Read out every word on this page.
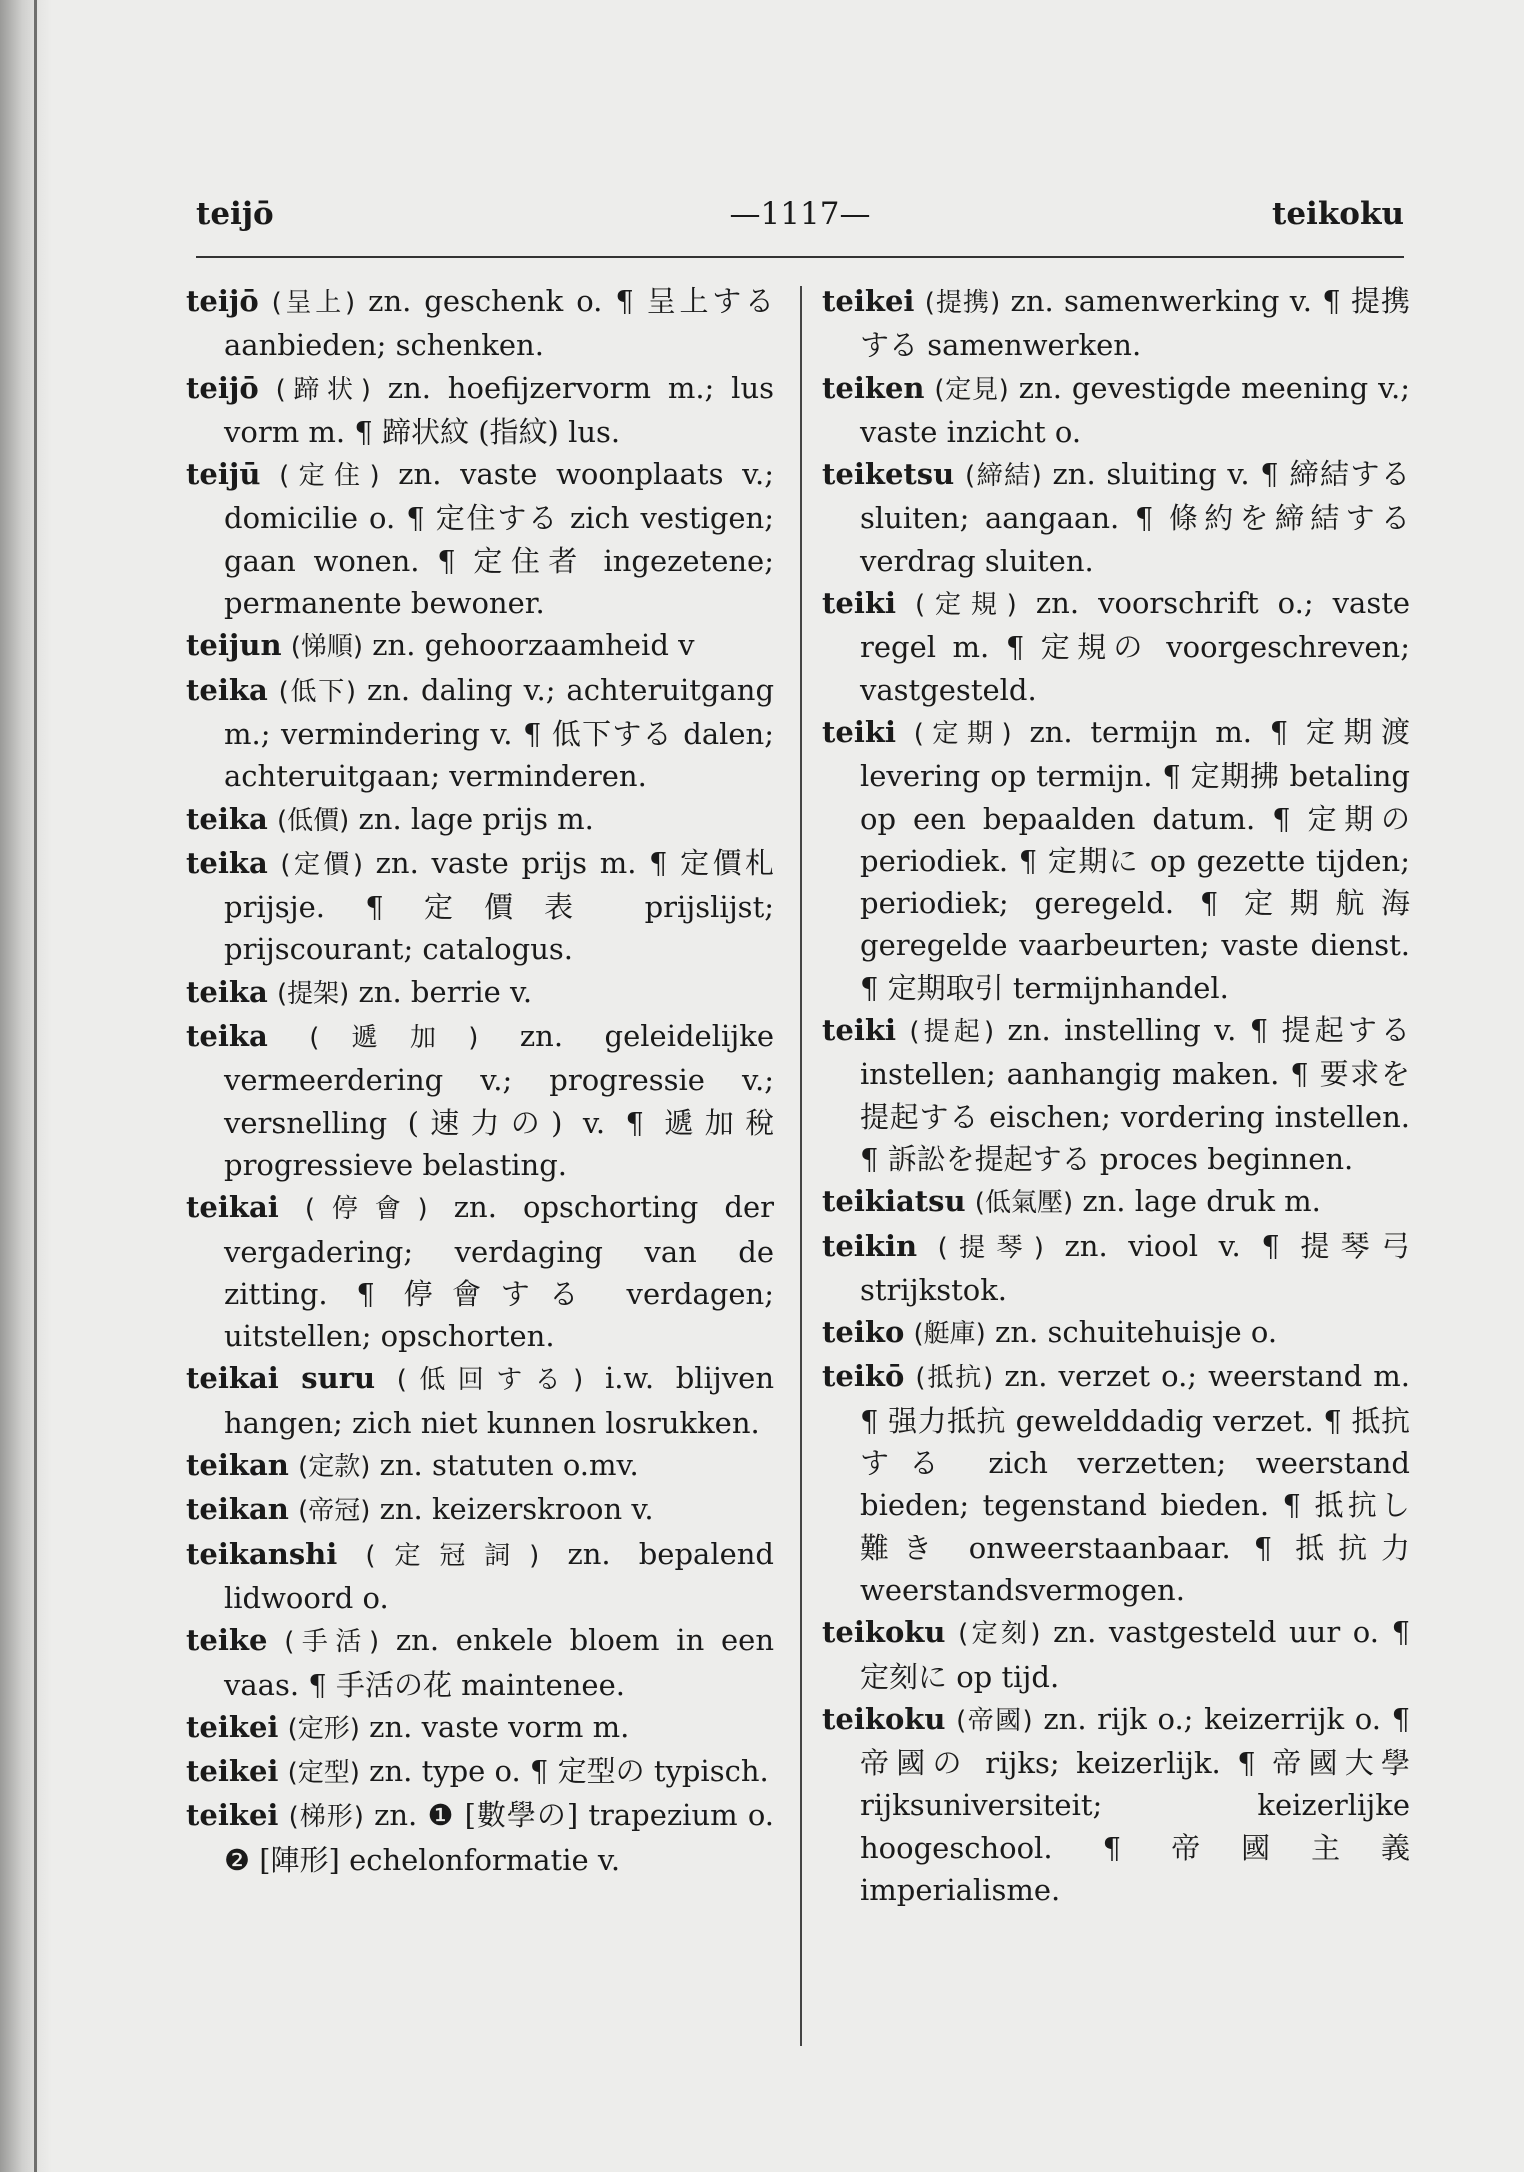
teijō	—1117—	teikoku

teijō (呈上) zn. geschenk o. ¶ 呈上する aanbieden; schenken.

teijō (蹄状) zn. hoefijzervorm m.; lus vorm m. ¶ 蹄状紋 (指紋) lus.

teijū (定住) zn. vaste woonplaats v.; domicilie o. ¶ 定住する zich vestigen; gaan wonen. ¶ 定住者 ingezetene; permanente bewoner.

teijun (悌順) zn. gehoorzaamheid v

teika (低下) zn. daling v.; achteruitgang m.; vermindering v. ¶ 低下する dalen; achteruitgaan; verminderen.

teika (低價) zn. lage prijs m.

teika (定價) zn. vaste prijs m. ¶ 定價札 prijsje. ¶ 定價表 prijslijst; prijscourant; catalogus.

teika (提架) zn. berrie v.

teika (遞加) zn. geleidelijke vermeerdering v.; progressie v.; versnelling (速力の) v. ¶ 遞加稅 progressieve belasting.

teikai (停會) zn. opschorting der vergadering; verdaging van de zitting. ¶ 停會する verdagen; uitstellen; opschorten.

teikai suru (低回する) i.w. blijven hangen; zich niet kunnen losrukken.

teikan (定款) zn. statuten o.mv.

teikan (帝冠) zn. keizerskroon v.

teikanshi (定冠詞) zn. bepalend lidwoord o.

teike (手活) zn. enkele bloem in een vaas. ¶ 手活の花 maintenee.

teikei (定形) zn. vaste vorm m.

teikei (定型) zn. type o. ¶ 定型の typisch.

teikei (梯形) zn. ❶ [數學の] trapezium o. ❷ [陣形] echelonformatie v.

teikei (提携) zn. samenwerking v. ¶ 提携する samenwerken.

teiken (定見) zn. gevestigde meening v.; vaste inzicht o.

teiketsu (締結) zn. sluiting v. ¶ 締結する sluiten; aangaan. ¶ 條約を締結する verdrag sluiten.

teiki (定規) zn. voorschrift o.; vaste regel m. ¶ 定規の voorgeschreven; vastgesteld.

teiki (定期) zn. termijn m. ¶ 定期渡 levering op termijn. ¶ 定期拂 betaling op een bepaalden datum. ¶ 定期の periodiek. ¶ 定期に op gezette tijden; periodiek; geregeld. ¶ 定期航海 geregelde vaarbeurten; vaste dienst. ¶ 定期取引 termijnhandel.

teiki (提起) zn. instelling v. ¶ 提起する instellen; aanhangig maken. ¶ 要求を提起する eischen; vordering instellen. ¶ 訴訟を提起する proces beginnen.

teikiatsu (低氣壓) zn. lage druk m.

teikin (提琴) zn. viool v. ¶ 提琴弓 strijkstok.

teiko (艇庫) zn. schuitehuisje o.

teikō (抵抗) zn. verzet o.; weerstand m. ¶ 强力抵抗 gewelddadig verzet. ¶ 抵抗する zich verzetten; weerstand bieden; tegenstand bieden. ¶ 抵抗し難き onweerstaanbaar. ¶ 抵抗力 weerstandsvermogen.

teikoku (定刻) zn. vastgesteld uur o. ¶ 定刻に op tijd.

teikoku (帝國) zn. rijk o.; keizerrijk o. ¶ 帝國の rijks; keizerlijk. ¶ 帝國大學 rijksuniversiteit; keizerlijke hoogeschool. ¶ 帝國主義 imperialisme.
